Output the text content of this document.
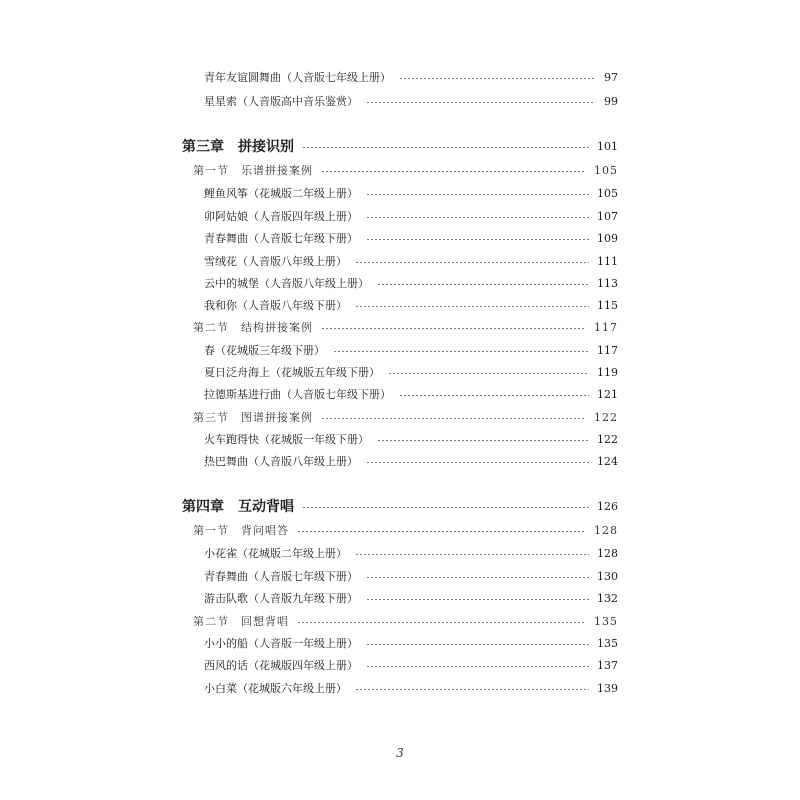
青年友谊圆舞曲（人音版七年级上册）	97
星星索（人音版高中音乐鉴赏）	99
第三章　拼接识别	101
第一节　乐谱拼接案例	105
鲤鱼风筝（花城版二年级上册）	105
卯阿姑娘（人音版四年级上册）	107
青春舞曲（人音版七年级下册）	109
雪绒花（人音版八年级上册）	111
云中的城堡（人音版八年级上册）	113
我和你（人音版八年级下册）	115
第二节　结构拼接案例	117
春（花城版三年级下册）	117
夏日泛舟海上（花城版五年级下册）	119
拉德斯基进行曲（人音版七年级下册）	121
第三节　图谱拼接案例	122
火车跑得快（花城版一年级下册）	122
热巴舞曲（人音版八年级上册）	124
第四章　互动背唱	126
第一节　背问唱答	128
小花雀（花城版二年级上册）	128
青春舞曲（人音版七年级下册）	130
游击队歌（人音版九年级下册）	132
第二节　回想背唱	135
小小的船（人音版一年级上册）	135
西风的话（花城版四年级上册）	137
小白菜（花城版六年级上册）	139
3
